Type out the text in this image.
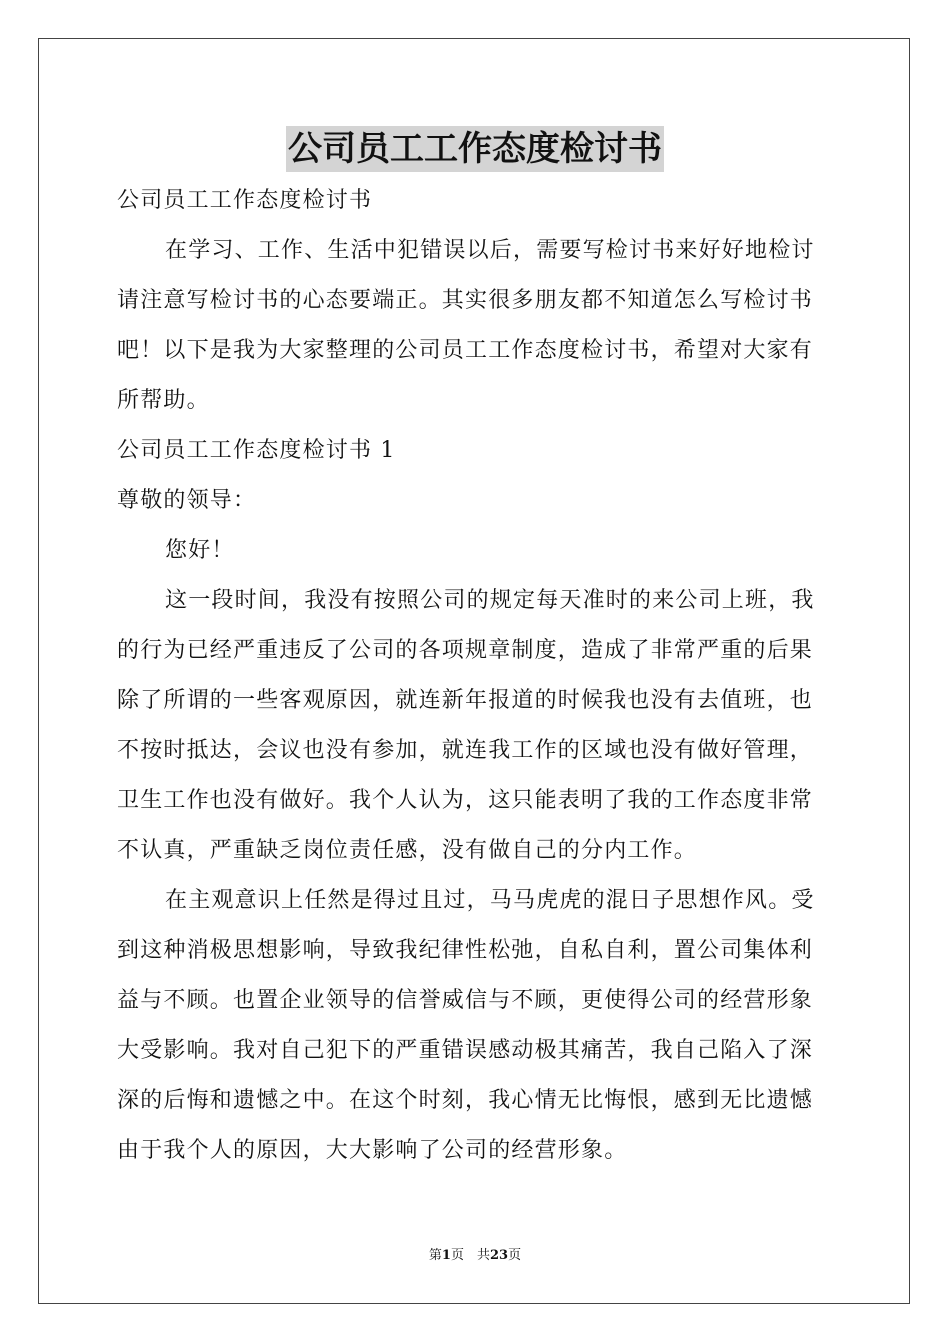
公司员工工作态度检讨书
公司员工工作态度检讨书
在学习、工作、生活中犯错误以后，需要写检讨书来好好地检讨
请注意写检讨书的心态要端正。其实很多朋友都不知道怎么写检讨书
吧！以下是我为大家整理的公司员工工作态度检讨书，希望对大家有
所帮助。
公司员工工作态度检讨书 1
尊敬的领导：
您好！
这一段时间，我没有按照公司的规定每天准时的来公司上班，我
的行为已经严重违反了公司的各项规章制度，造成了非常严重的后果
除了所谓的一些客观原因，就连新年报道的时候我也没有去值班，也
不按时抵达，会议也没有参加，就连我工作的区域也没有做好管理，
卫生工作也没有做好。我个人认为，这只能表明了我的工作态度非常
不认真，严重缺乏岗位责任感，没有做自己的分内工作。
在主观意识上任然是得过且过，马马虎虎的混日子思想作风。受
到这种消极思想影响，导致我纪律性松弛，自私自利，置公司集体利
益与不顾。也置企业领导的信誉威信与不顾，更使得公司的经营形象
大受影响。我对自己犯下的严重错误感动极其痛苦，我自己陷入了深
深的后悔和遗憾之中。在这个时刻，我心情无比悔恨，感到无比遗憾
由于我个人的原因，大大影响了公司的经营形象。
第1页　共23页
